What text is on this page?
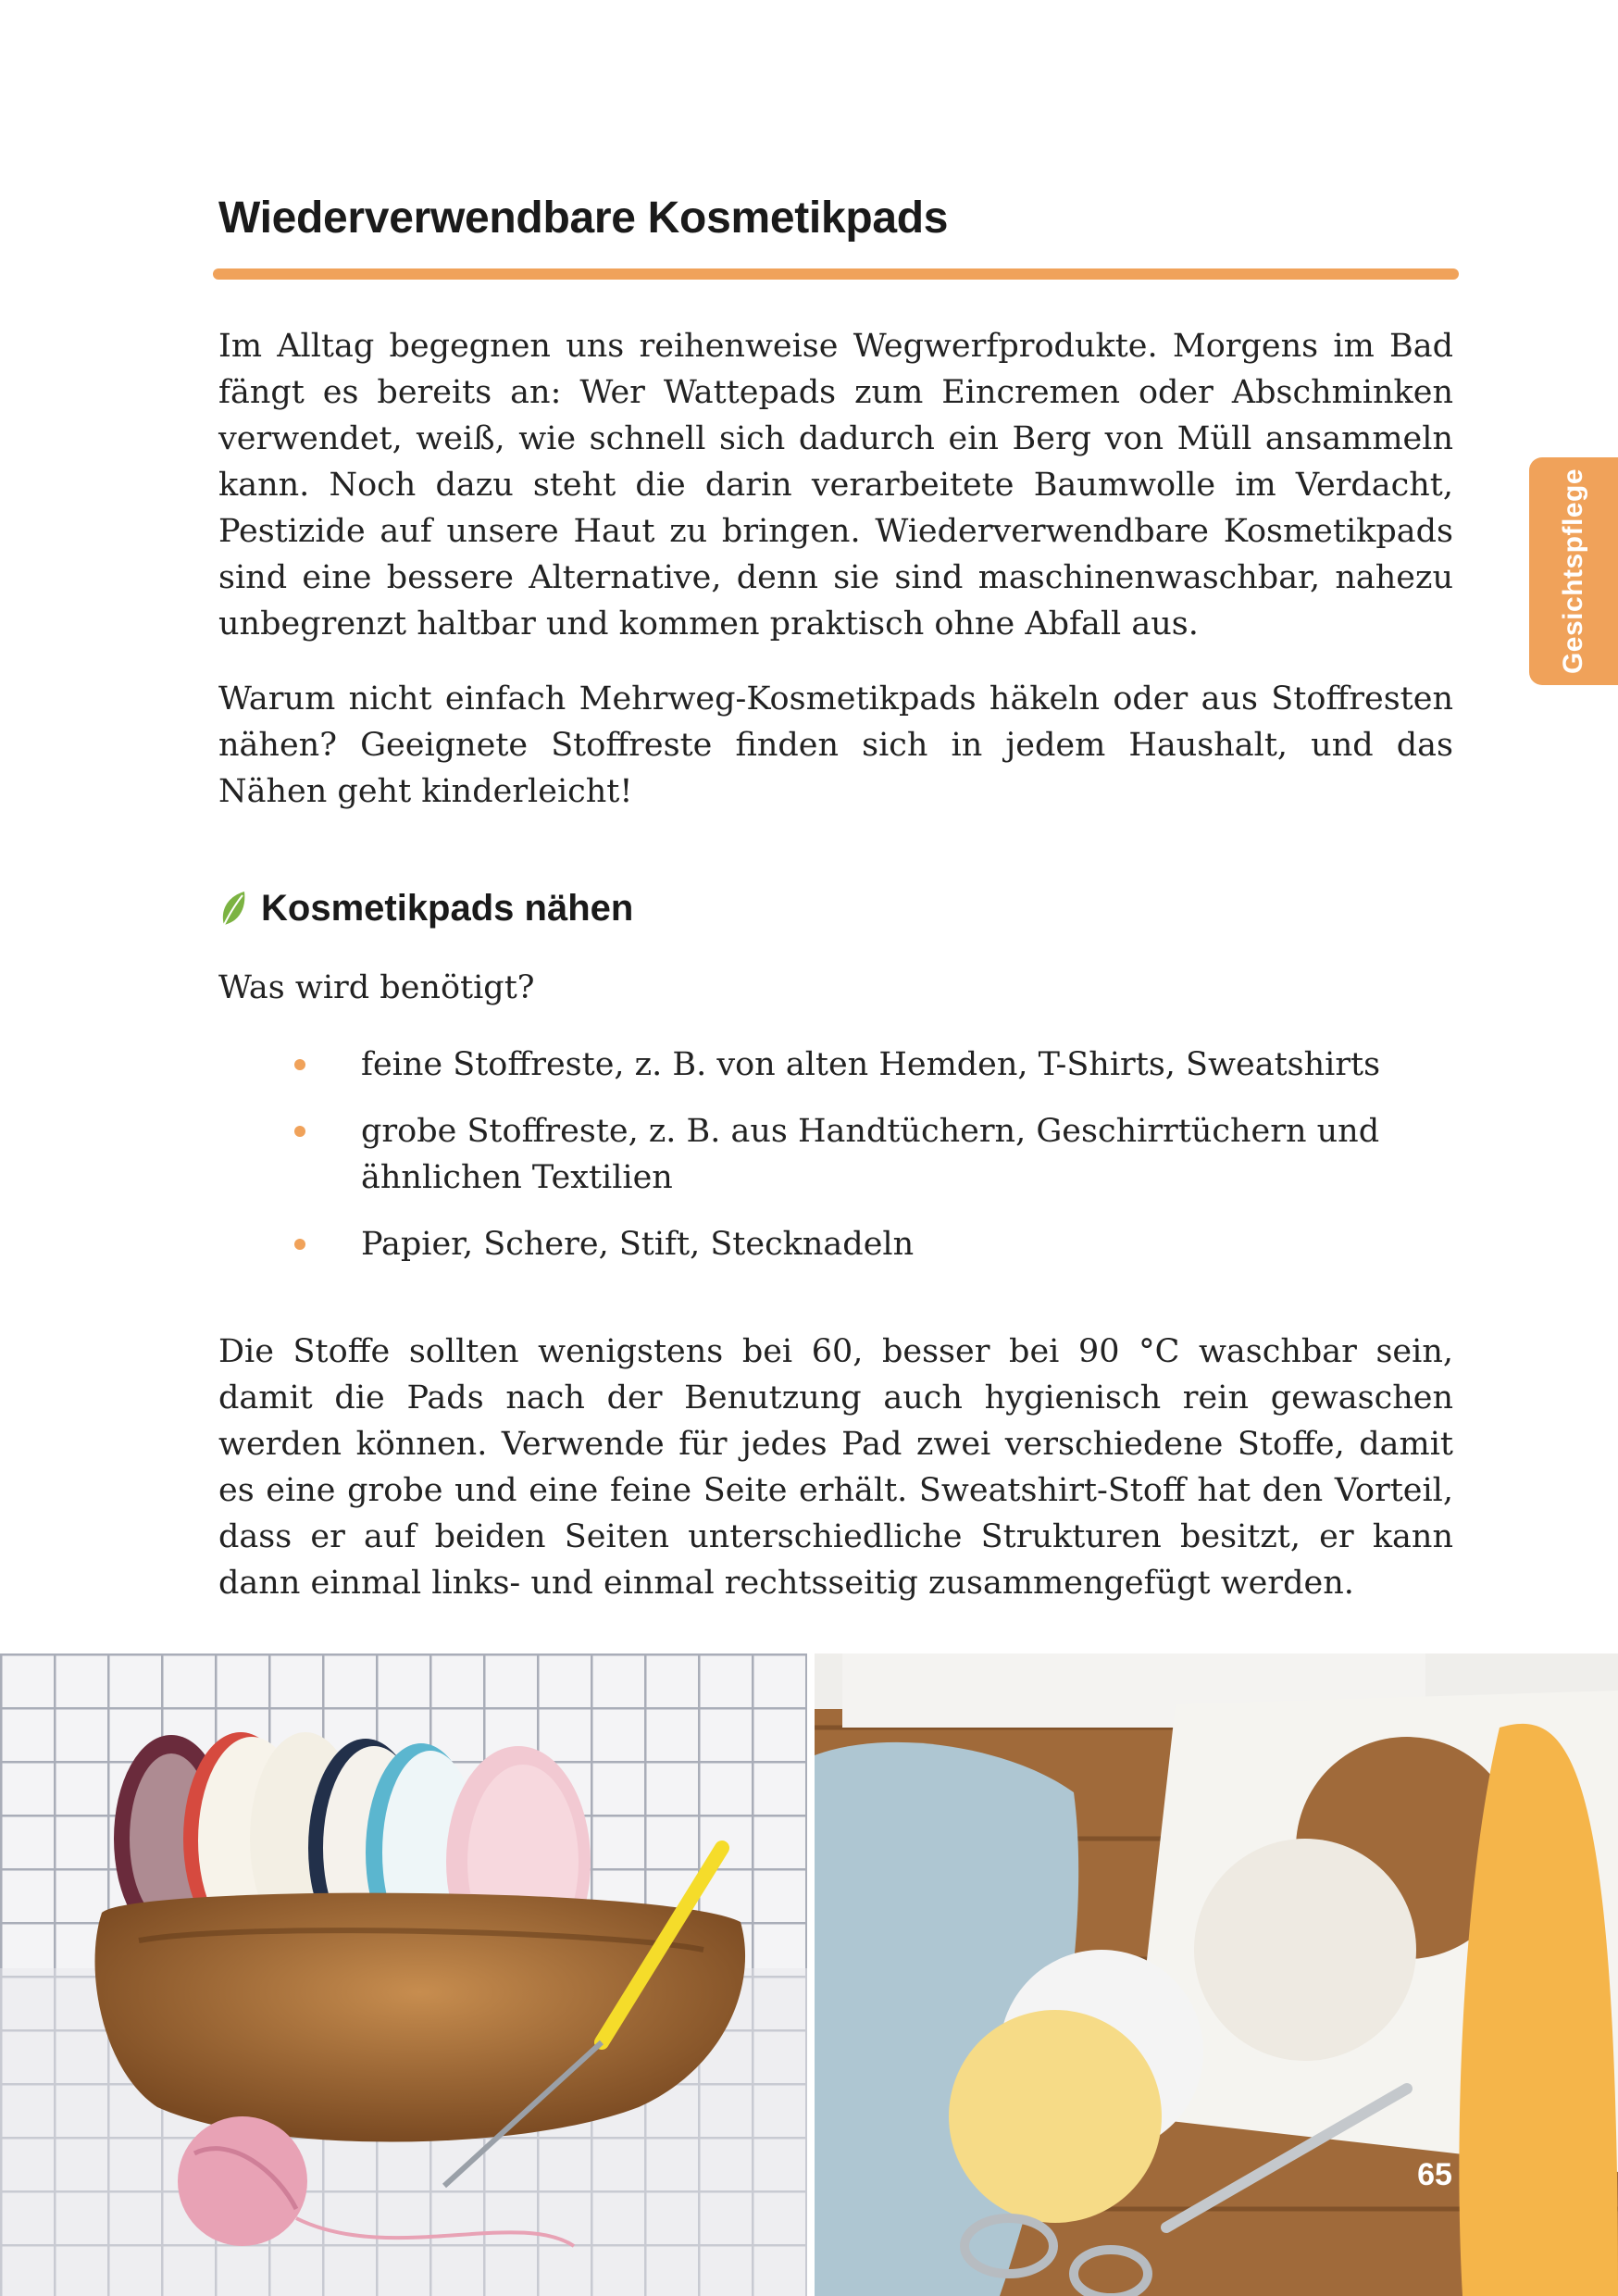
Wiederverwendbare Kosmetikpads
Gesichtspflege

Im Alltag begegnen uns reihenweise Wegwerfprodukte. Morgens im Bad fängt es bereits an: Wer Wattepads zum Eincremen oder Abschminken verwendet, weiß, wie schnell sich dadurch ein Berg von Müll ansammeln kann. Noch dazu steht die darin verarbeitete Baumwolle im Verdacht, Pestizide auf unsere Haut zu bringen. Wiederverwendbare Kosmetikpads sind eine bessere Alternative, denn sie sind maschinenwaschbar, nahezu unbegrenzt haltbar und kommen praktisch ohne Abfall aus.

Warum nicht einfach Mehrweg-Kosmetikpads häkeln oder aus Stoffresten nähen? Geeignete Stoffreste finden sich in jedem Haushalt, und das Nähen geht kinderleicht!

Kosmetikpads nähen

Was wird benötigt?

feine Stoffreste, z. B. von alten Hemden, T-Shirts, Sweatshirts
grobe Stoffreste, z. B. aus Handtüchern, Geschirrtüchern und ähnlichen Textilien
Papier, Schere, Stift, Stecknadeln

Die Stoffe sollten wenigstens bei 60, besser bei 90 °C waschbar sein, damit die Pads nach der Benutzung auch hygienisch rein gewaschen werden können. Verwende für jedes Pad zwei verschiedene Stoffe, damit es eine grobe und eine feine Seite erhält. Sweatshirt-Stoff hat den Vorteil, dass er auf beiden Seiten unterschiedliche Strukturen besitzt, er kann dann einmal links- und einmal rechtsseitig zusammengefügt werden.

65
